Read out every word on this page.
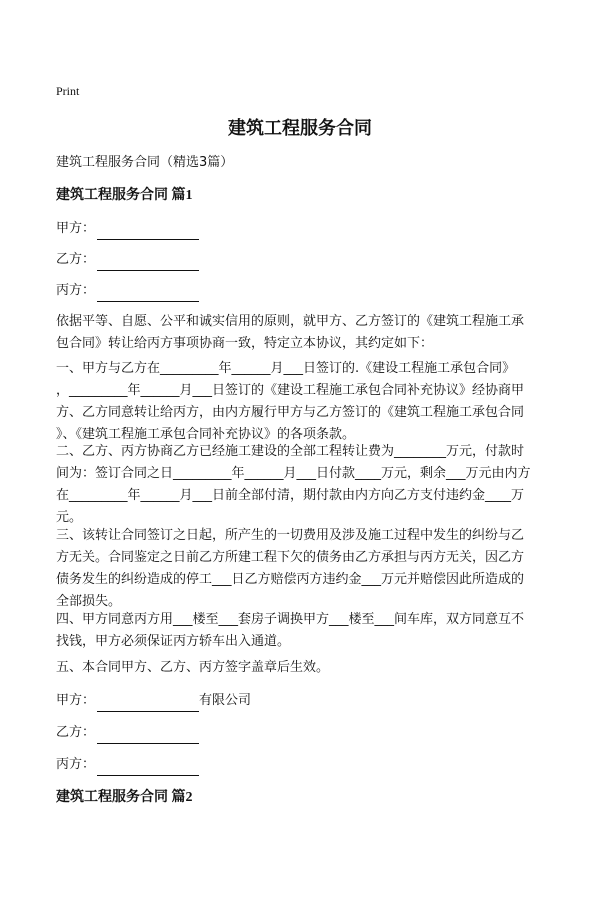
Print
建筑工程服务合同
建筑工程服务合同（精选3篇）
建筑工程服务合同 篇1
甲方：
乙方：
丙方：
依据平等、自愿、公平和诚实信用的原则，就甲方、乙方签订的《建筑工程施工承
包合同》转让给丙方事项协商一致，特定立本协议，其约定如下：
一、甲方与乙方在_________年______月___日签订的.《建设工程施工承包合同》
，_________年______月___日签订的《建设工程施工承包合同补充协议》经协商甲
方、乙方同意转让给丙方，由内方履行甲方与乙方签订的《建筑工程施工承包合同
》、《建筑工程施工承包合同补充协议》的各项条款。
二、乙方、丙方协商乙方已经施工建设的全部工程转让费为________万元，付款时
间为：签订合同之日_________年______月___日付款____万元，剩余___万元由内方
在_________年______月___日前全部付清，期付款由内方向乙方支付违约金____万
元。
三、该转让合同签订之日起，所产生的一切费用及涉及施工过程中发生的纠纷与乙
方无关。合同鉴定之日前乙方所建工程下欠的债务由乙方承担与丙方无关，因乙方
债务发生的纠纷造成的停工___日乙方赔偿丙方违约金___万元并赔偿因此所造成的
全部损失。
四、甲方同意丙方用___楼至___套房子调换甲方___楼至___间车库，双方同意互不
找钱，甲方必须保证丙方轿车出入通道。
五、本合同甲方、乙方、丙方签字盖章后生效。
甲方：	有限公司
乙方：
丙方：
建筑工程服务合同 篇2
